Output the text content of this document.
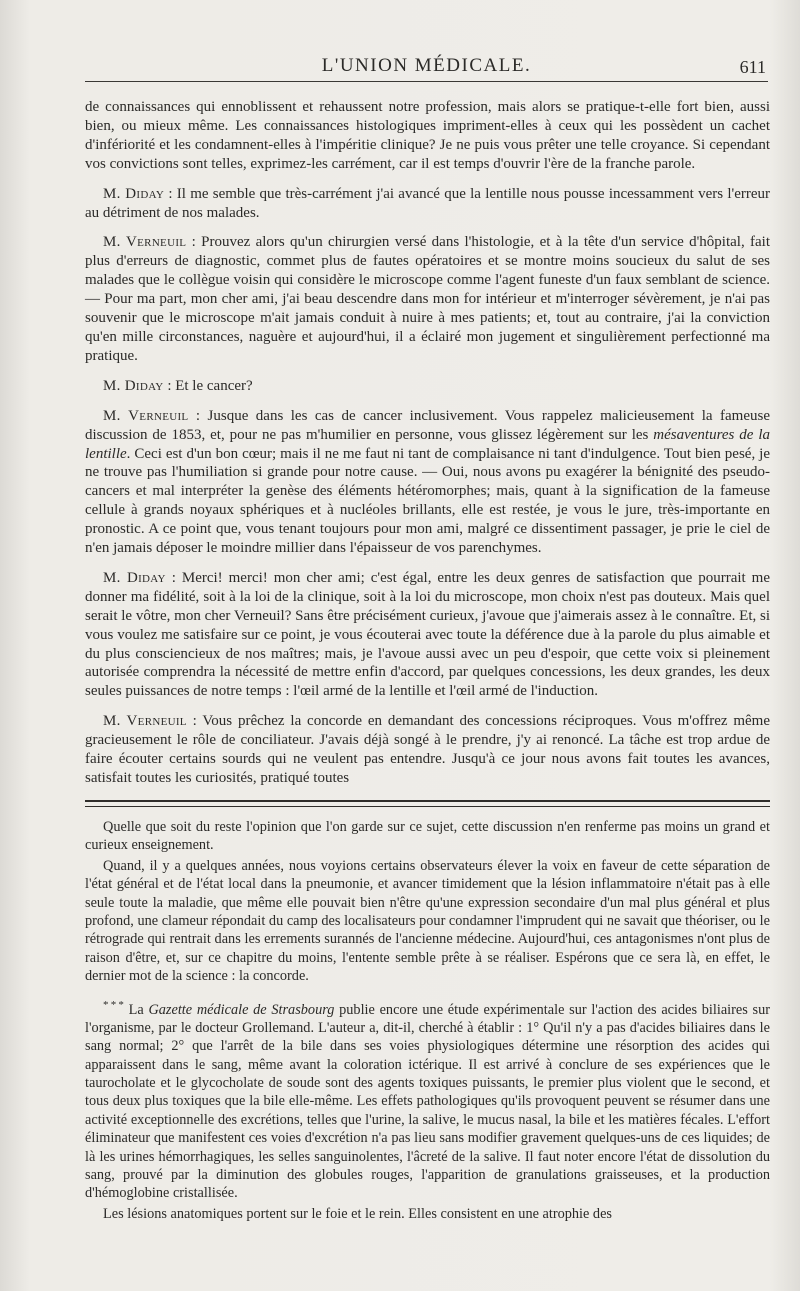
L'UNION MÉDICALE.	611

de connaissances qui ennoblissent et rehaussent notre profession, mais alors se pratique-t-elle fort bien, aussi bien, ou mieux même. Les connaissances histologiques impriment-elles à ceux qui les possèdent un cachet d'infériorité et les condamnent-elles à l'impéritie clinique? Je ne puis vous prêter une telle croyance. Si cependant vos convictions sont telles, exprimez-les carrément, car il est temps d'ouvrir l'ère de la franche parole.

M. Diday : Il me semble que très-carrément j'ai avancé que la lentille nous pousse incessamment vers l'erreur au détriment de nos malades.

M. Verneuil : Prouvez alors qu'un chirurgien versé dans l'histologie, et à la tête d'un service d'hôpital, fait plus d'erreurs de diagnostic, commet plus de fautes opératoires et se montre moins soucieux du salut de ses malades que le collègue voisin qui considère le microscope comme l'agent funeste d'un faux semblant de science. — Pour ma part, mon cher ami, j'ai beau descendre dans mon for intérieur et m'interroger sévèrement, je n'ai pas souvenir que le microscope m'ait jamais conduit à nuire à mes patients; et, tout au contraire, j'ai la conviction qu'en mille circonstances, naguère et aujourd'hui, il a éclairé mon jugement et singulièrement perfectionné ma pratique.

M. Diday : Et le cancer?

M. Verneuil : Jusque dans les cas de cancer inclusivement. Vous rappelez malicieusement la fameuse discussion de 1853, et, pour ne pas m'humilier en personne, vous glissez légèrement sur les mésaventures de la lentille. Ceci est d'un bon cœur; mais il ne me faut ni tant de complaisance ni tant d'indulgence. Tout bien pesé, je ne trouve pas l'humiliation si grande pour notre cause. — Oui, nous avons pu exagérer la bénignité des pseudo-cancers et mal interpréter la genèse des éléments hétéromorphes; mais, quant à la signification de la fameuse cellule à grands noyaux sphériques et à nucléoles brillants, elle est restée, je vous le jure, très-importante en pronostic. A ce point que, vous tenant toujours pour mon ami, malgré ce dissentiment passager, je prie le ciel de n'en jamais déposer le moindre millier dans l'épaisseur de vos parenchymes.

M. Diday : Merci! merci! mon cher ami; c'est égal, entre les deux genres de satisfaction que pourrait me donner ma fidélité, soit à la loi de la clinique, soit à la loi du microscope, mon choix n'est pas douteux. Mais quel serait le vôtre, mon cher Verneuil? Sans être précisément curieux, j'avoue que j'aimerais assez à le connaître. Et, si vous voulez me satisfaire sur ce point, je vous écouterai avec toute la déférence due à la parole du plus aimable et du plus consciencieux de nos maîtres; mais, je l'avoue aussi avec un peu d'espoir, que cette voix si pleinement autorisée comprendra la nécessité de mettre enfin d'accord, par quelques concessions, les deux grandes, les deux seules puissances de notre temps : l'œil armé de la lentille et l'œil armé de l'induction.

M. Verneuil : Vous prêchez la concorde en demandant des concessions réciproques. Vous m'offrez même gracieusement le rôle de conciliateur. J'avais déjà songé à le prendre, j'y ai renoncé. La tâche est trop ardue de faire écouter certains sourds qui ne veulent pas entendre. Jusqu'à ce jour nous avons fait toutes les avances, satisfait toutes les curiosités, pratiqué toutes

Quelle que soit du reste l'opinion que l'on garde sur ce sujet, cette discussion n'en renferme pas moins un grand et curieux enseignement.

Quand, il y a quelques années, nous voyions certains observateurs élever la voix en faveur de cette séparation de l'état général et de l'état local dans la pneumonie, et avancer timidement que la lésion inflammatoire n'était pas à elle seule toute la maladie, que même elle pouvait bien n'être qu'une expression secondaire d'un mal plus général et plus profond, une clameur répondait du camp des localisateurs pour condamner l'imprudent qui ne savait que théoriser, ou le rétrograde qui rentrait dans les errements surannés de l'ancienne médecine. Aujourd'hui, ces antagonismes n'ont plus de raison d'être, et, sur ce chapitre du moins, l'entente semble prête à se réaliser. Espérons que ce sera là, en effet, le dernier mot de la science : la concorde.

* * * La Gazette médicale de Strasbourg publie encore une étude expérimentale sur l'action des acides biliaires sur l'organisme, par le docteur Grollemand. L'auteur a, dit-il, cherché à établir : 1° Qu'il n'y a pas d'acides biliaires dans le sang normal; 2° que l'arrêt de la bile dans ses voies physiologiques détermine une résorption des acides qui apparaissent dans le sang, même avant la coloration ictérique. Il est arrivé à conclure de ses expériences que le taurocholate et le glycocholate de soude sont des agents toxiques puissants, le premier plus violent que le second, et tous deux plus toxiques que la bile elle-même. Les effets pathologiques qu'ils provoquent peuvent se résumer dans une activité exceptionnelle des excrétions, telles que l'urine, la salive, le mucus nasal, la bile et les matières fécales. L'effort éliminateur que manifestent ces voies d'excrétion n'a pas lieu sans modifier gravement quelques-uns de ces liquides; de là les urines hémorrhagiques, les selles sanguinolentes, l'âcreté de la salive. Il faut noter encore l'état de dissolution du sang, prouvé par la diminution des globules rouges, l'apparition de granulations graisseuses, et la production d'hémoglobine cristallisée.

Les lésions anatomiques portent sur le foie et le rein. Elles consistent en une atrophie des
